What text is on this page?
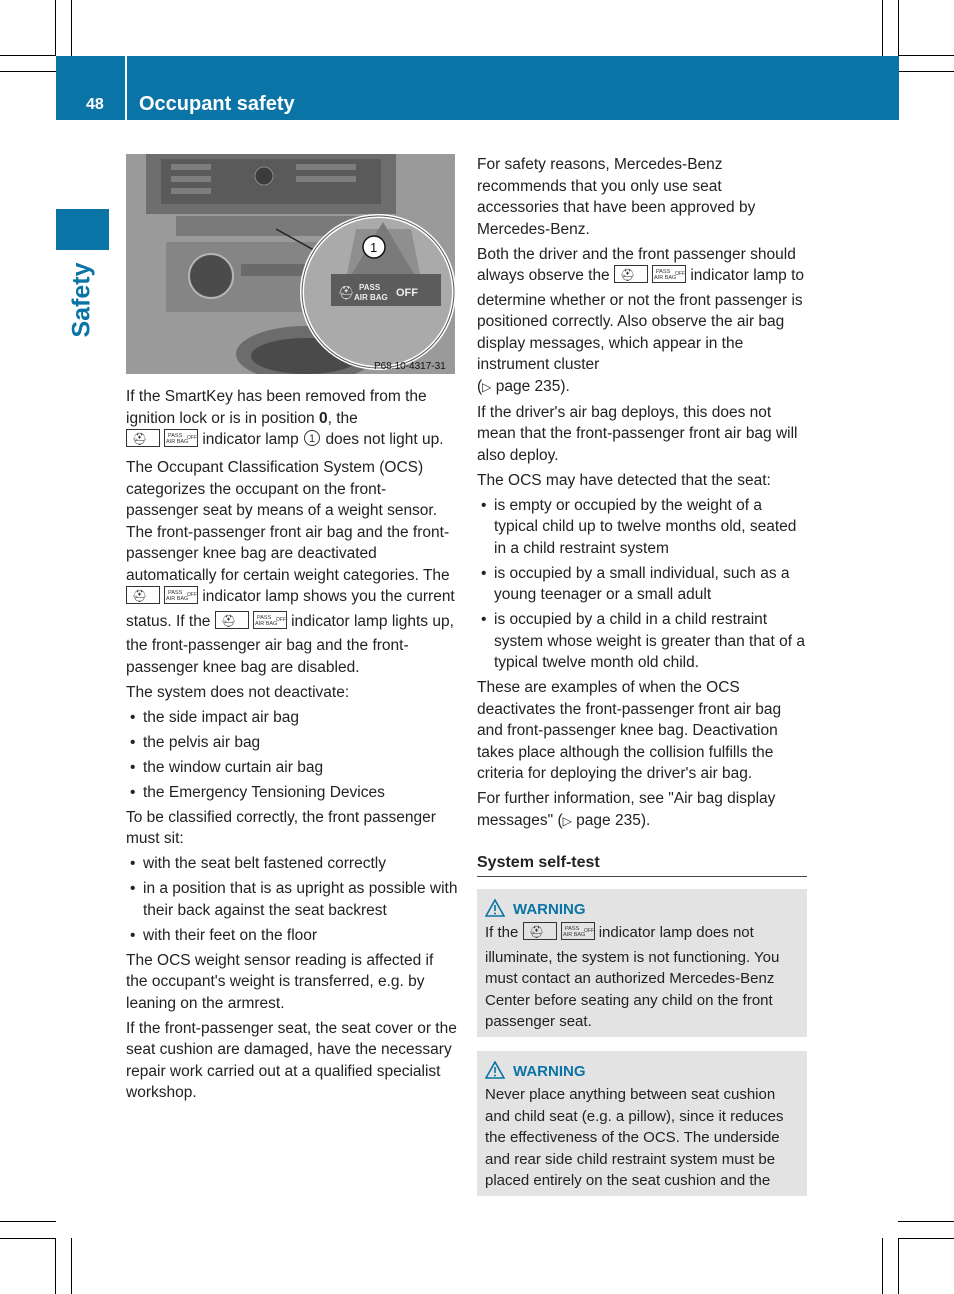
48 Occupant safety
Safety	⛑ PASS
AIR BAG OFF
1
P68.10-4317-31

If the SmartKey has been removed from the ignition lock or is in position 0, the

⛑	PASS
AIR BAG
OFF indicator lamp 1 does not light up.

The Occupant Classification System (OCS) categorizes the occupant on the front-passenger seat by means of a weight sensor. The front-passenger front air bag and the front-passenger knee bag are deactivated automatically for certain weight categories. The
⛑	PASS
AIR BAG
OFF indicator lamp shows you the current status. If the ⛑	PASS
AIR BAG
OFF indicator lamp lights up, the front-passenger air bag and the front-passenger knee bag are disabled.

The system does not deactivate:

• the side impact air bag
• the pelvis air bag
• the window curtain air bag
• the Emergency Tensioning Devices

To be classified correctly, the front passenger must sit:

• with the seat belt fastened correctly
• in a position that is as upright as possible with their back against the seat backrest
• with their feet on the floor

The OCS weight sensor reading is affected if the occupant's weight is transferred, e.g. by leaning on the armrest.

If the front-passenger seat, the seat cover or the seat cushion are damaged, have the necessary repair work carried out at a qualified specialist workshop.

For safety reasons, Mercedes-Benz recommends that you only use seat accessories that have been approved by Mercedes-Benz.

Both the driver and the front passenger should always observe the ⛑	PASS
AIR BAG
OFF indicator lamp to determine whether or not the front passenger is positioned correctly. Also observe the air bag display messages, which appear in the instrument cluster
(▷ page 235).

If the driver's air bag deploys, this does not mean that the front-passenger front air bag will also deploy.

The OCS may have detected that the seat:

• is empty or occupied by the weight of a typical child up to twelve months old, seated in a child restraint system
• is occupied by a small individual, such as a young teenager or a small adult
• is occupied by a child in a child restraint system whose weight is greater than that of a typical twelve month old child.

These are examples of when the OCS deactivates the front-passenger front air bag and front-passenger knee bag. Deactivation takes place although the collision fulfills the criteria for deploying the driver's air bag.

For further information, see "Air bag display messages" (▷ page 235).

System self-test
WARNING
If the ⛑	PASS
AIR BAG
OFF indicator lamp does not illuminate, the system is not functioning. You must contact an authorized Mercedes-Benz Center before seating any child on the front passenger seat.
WARNING
Never place anything between seat cushion and child seat (e.g. a pillow), since it reduces the effectiveness of the OCS. The underside and rear side child restraint system must be placed entirely on the seat cushion and the
